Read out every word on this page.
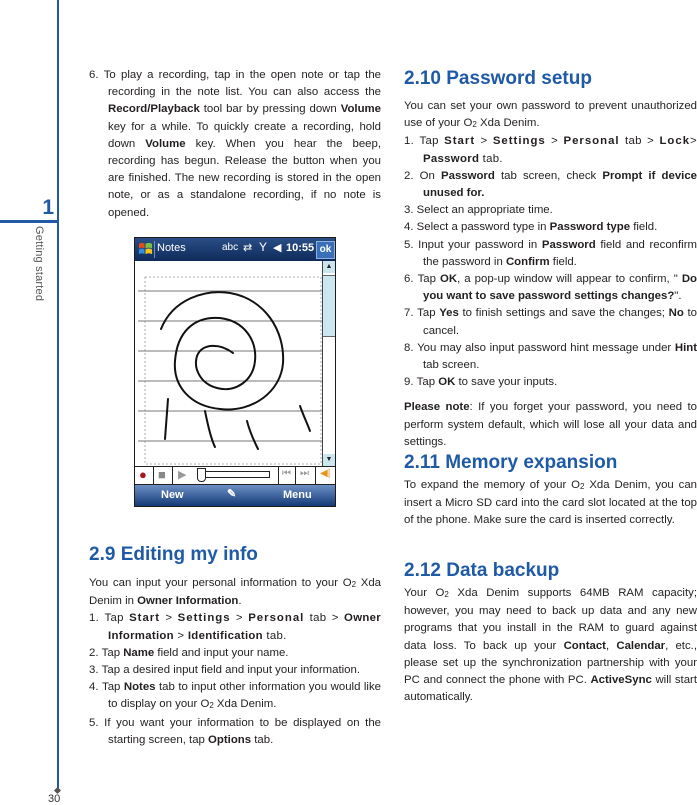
1
Getting started
30
6. To play a recording, tap in the open note or tap the recording in the note list. You can also access the Record/Playback tool bar by pressing down Volume key for a while. To quickly create a recording, hold down Volume key. When you hear the beep, recording has begun. Release the button when you are finished. The new recording is stored in the open note, or as a standalone recording, if no note is opened.
Notes	abc ⇄ Y ◀ 10:55 ok
▲
▼
● ■ ▶	⏮ ⏭ ◀|
New	✎	Menu
2.9 Editing my info
You can input your personal information to your O2 Xda Denim in Owner Information.
1. Tap Start > Settings > Personal tab > Owner Information > Identification tab.
2. Tap Name field and input your name.
3. Tap a desired input field and input your information.
4. Tap Notes tab to input other information you would like to display on your O2 Xda Denim.
5. If you want your information to be displayed on the starting screen, tap Options tab.
2.10 Password setup
You can set your own password to prevent unauthorized use of your O2 Xda Denim.
1. Tap Start > Settings > Personal tab > Lock> Password tab.
2. On Password tab screen, check Prompt if device unused for.
3. Select an appropriate time.
4. Select a password type in Password type field.
5. Input your password in Password field and reconfirm the password in Confirm field.
6. Tap OK, a pop-up window will appear to confirm, " Do you want to save password settings changes?".
7. Tap Yes to finish settings and save the changes; No to cancel.
8. You may also input password hint message under Hint tab screen.
9. Tap OK to save your inputs.
Please note: If you forget your password, you need to perform system default, which will lose all your data and settings.
2.11 Memory expansion
To expand the memory of your O2 Xda Denim, you can insert a Micro SD card into the card slot located at the top of the phone. Make sure the card is inserted correctly.
2.12 Data backup
Your O2 Xda Denim supports 64MB RAM capacity; however, you may need to back up data and any new programs that you install in the RAM to guard against data loss. To back up your Contact, Calendar, etc., please set up the synchronization partnership with your PC and connect the phone with PC. ActiveSync will start automatically.
